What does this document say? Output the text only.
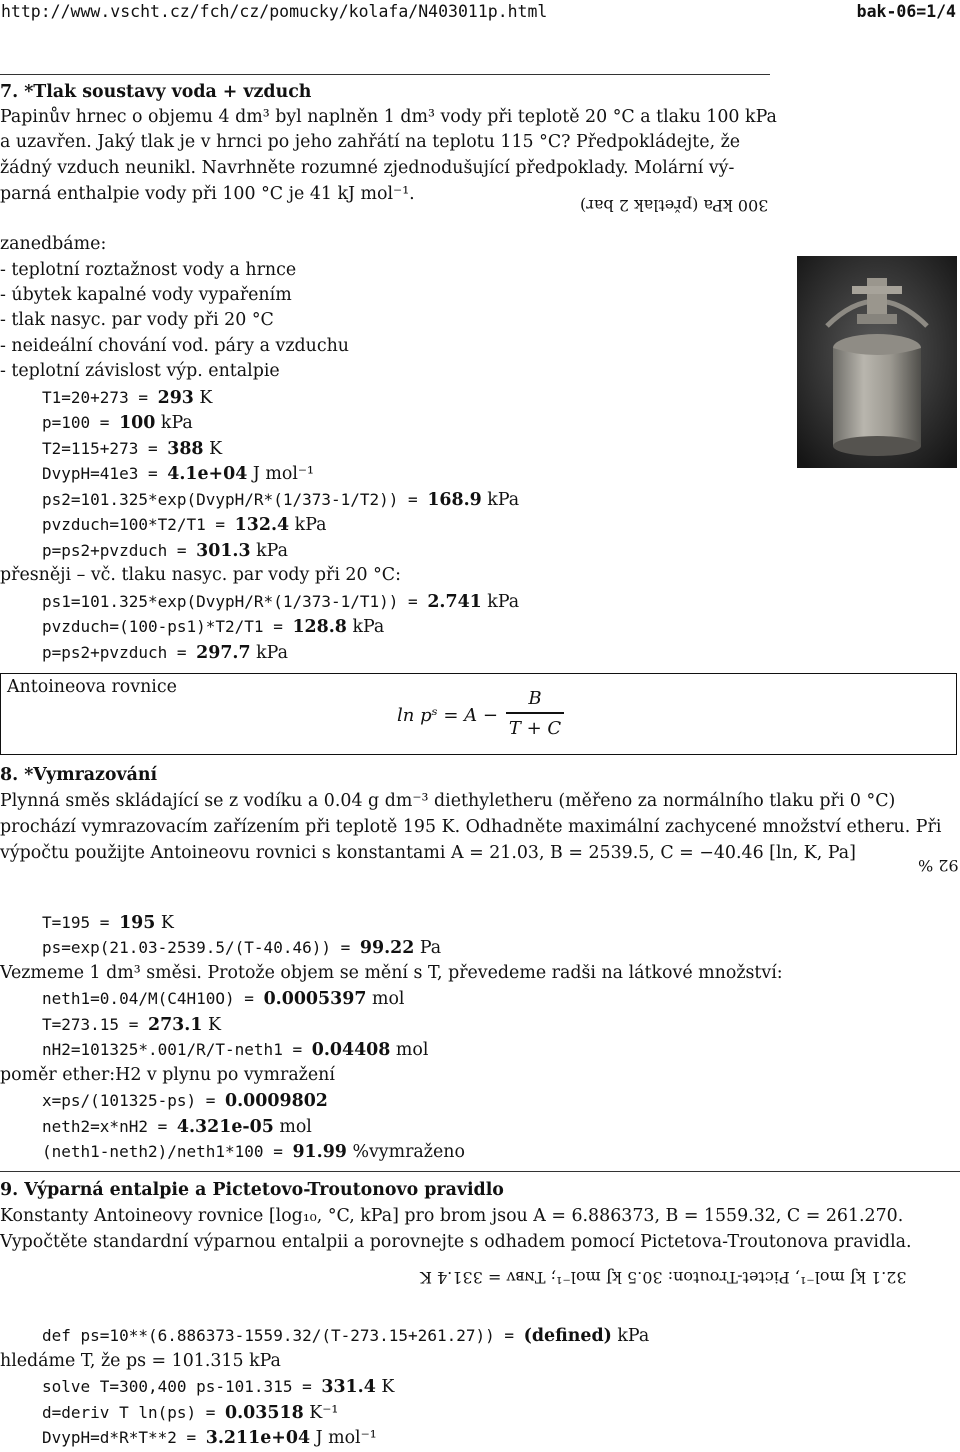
http://www.vscht.cz/fch/cz/pomucky/kolafa/N403011p.html	bak-06=1/4
7. *Tlak soustavy voda + vzduch
Papinův hrnec o objemu 4 dm³ byl naplněn 1 dm³ vody při teplotě 20 °C a tlaku 100 kPa
a uzavřen. Jaký tlak je v hrnci po jeho zahřátí na teplotu 115 °C? Předpokládejte, že
žádný vzduch neunikl. Navrhněte rozumné zjednodušující předpoklady. Molární vý-
parná enthalpie vody při 100 °C je 41 kJ mol⁻¹.
300 kPa (přetlak 2 bar)
zanedbáme:
- teplotní roztažnost vody a hrnce
- úbytek kapalné vody vypařením
- tlak nasyc. par vody při 20 °C
- neideální chování vod. páry a vzduchu
- teplotní závislost výp. entalpie
T1=20+273 = 293 K
p=100 = 100 kPa
T2=115+273 = 388 K
DvypH=41e3 = 4.1e+04 J mol⁻¹
ps2=101.325*exp(DvypH/R*(1/373-1/T2)) = 168.9 kPa
pvzduch=100*T2/T1 = 132.4 kPa
p=ps2+pvzduch = 301.3 kPa
přesněji – vč. tlaku nasyc. par vody při 20 °C:
ps1=101.325*exp(DvypH/R*(1/373-1/T1)) = 2.741 kPa
pvzduch=(100-ps1)*T2/T1 = 128.8 kPa
p=ps2+pvzduch = 297.7 kPa
Antoineova rovnice
ln pˢ = A −
B
T + C
8. *Vymrazování
Plynná směs skládající se z vodíku a 0.04 g dm⁻³ diethyletheru (měřeno za normálního tlaku při 0 °C)
prochází vymrazovacím zařízením při teplotě 195 K. Odhadněte maximální zachycené množství etheru. Při
výpočtu použijte Antoineovu rovnici s konstantami A = 21.03, B = 2539.5, C = −40.46 [ln, K, Pa]
92 %
T=195 = 195 K
ps=exp(21.03-2539.5/(T-40.46)) = 99.22 Pa
Vezmeme 1 dm³ směsi. Protože objem se mění s T, převedeme radši na látkové množství:
neth1=0.04/M(C4H10O) = 0.0005397 mol
T=273.15 = 273.1 K
nH2=101325*.001/R/T-neth1 = 0.04408 mol
poměr ether:H2 v plynu po vymražení
x=ps/(101325-ps) = 0.0009802
neth2=x*nH2 = 4.321e-05 mol
(neth1-neth2)/neth1*100 = 91.99 %vymraženo
9. Výparná entalpie a Pictetovo-Troutonovo pravidlo
Konstanty Antoineovy rovnice [log₁₀, °C, kPa] pro brom jsou A = 6.886373, B = 1559.32, C = 261.270.
Vypočtěte standardní výparnou entalpii a porovnejte s odhadem pomocí Pictetova-Troutonova pravidla.
32.1 kJ mol⁻¹, Pictet-Trouton: 30.5 kJ mol⁻¹; Tɴʙᴠ = 331.4 K
def ps=10**(6.886373-1559.32/(T-273.15+261.27)) = (defined) kPa
hledáme T, že ps = 101.315 kPa
solve T=300,400 ps-101.315 = 331.4 K
d=deriv T ln(ps) = 0.03518 K⁻¹
DvypH=d*R*T**2 = 3.211e+04 J mol⁻¹
